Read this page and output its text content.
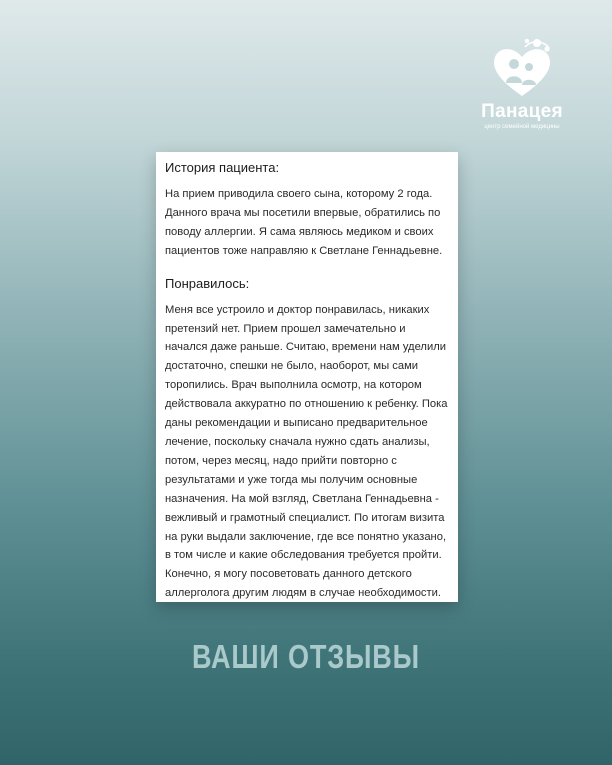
Панацея
центр семейной медицины
История пациента:

На прием приводила своего сына, которому 2 года. Данного врача мы посетили впервые, обратились по поводу аллергии. Я сама являюсь медиком и своих пациентов тоже направляю к Светлане Геннадьевне.

Понравилось:

Меня все устроило и доктор понравилась, никаких претензий нет. Прием прошел замечательно и начался даже раньше. Считаю, времени нам уделили достаточно, спешки не было, наоборот, мы сами торопились. Врач выполнила осмотр, на котором действовала аккуратно по отношению к ребенку. Пока даны рекомендации и выписано предварительное лечение, поскольку сначала нужно сдать анализы, потом, через месяц, надо прийти повторно с результатами и уже тогда мы получим основные назначения. На мой взгляд, Светлана Геннадьевна - вежливый и грамотный специалист. По итогам визита на руки выдали заключение, где все понятно указано, в том числе и какие обследования требуется пройти. Конечно, я могу посоветовать данного детского аллерголога другим людям в случае необходимости.

ВАШИ ОТЗЫВЫ
